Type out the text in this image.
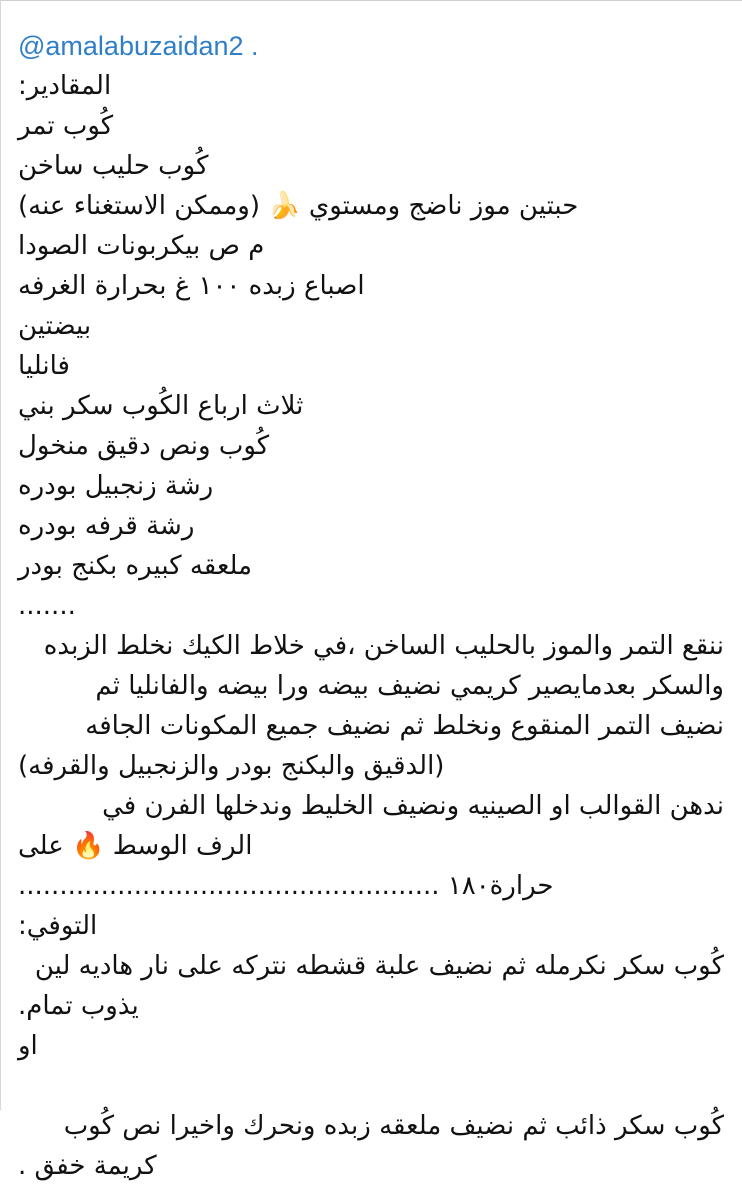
@amalabuzaidan2 .
المقادير:
كُوب تمر
كُوب حليب ساخن
حبتين موز ناضج ومستوي 🍌 (وممكن الاستغناء عنه)
م ص بيكربونات الصودا
اصباع زبده ١٠٠ غ بحرارة الغرفه
بيضتين
فانليا
ثلاث ارباع الكُوب سكر بني
كُوب ونص دقيق منخول
رشة زنجبيل بودره
رشة قرفه بودره
ملعقه كبيره بكنج بودر
.......
ننقع التمر والموز بالحليب الساخن ،في خلاط الكيك نخلط الزبده
والسكر بعدمايصير كريمي نضيف بيضه ورا بيضه والفانليا ثم
نضيف التمر المنقوع ونخلط ثم نضيف جميع المكونات الجافه
(الدقيق والبكنج بودر والزنجبيل والقرفه)
ندهن القوالب او الصينيه ونضيف الخليط وندخلها الفرن في
الرف الوسط 🔥 على
حرارة١٨٠ ...................................................
التوفي:
كُوب سكر نكرمله ثم نضيف علبة قشطه نتركه على نار هاديه لين
يذوب تمام.
او
كُوب سكر ذائب ثم نضيف ملعقه زبده ونحرك واخيرا نص كُوب
كريمة خفق .
